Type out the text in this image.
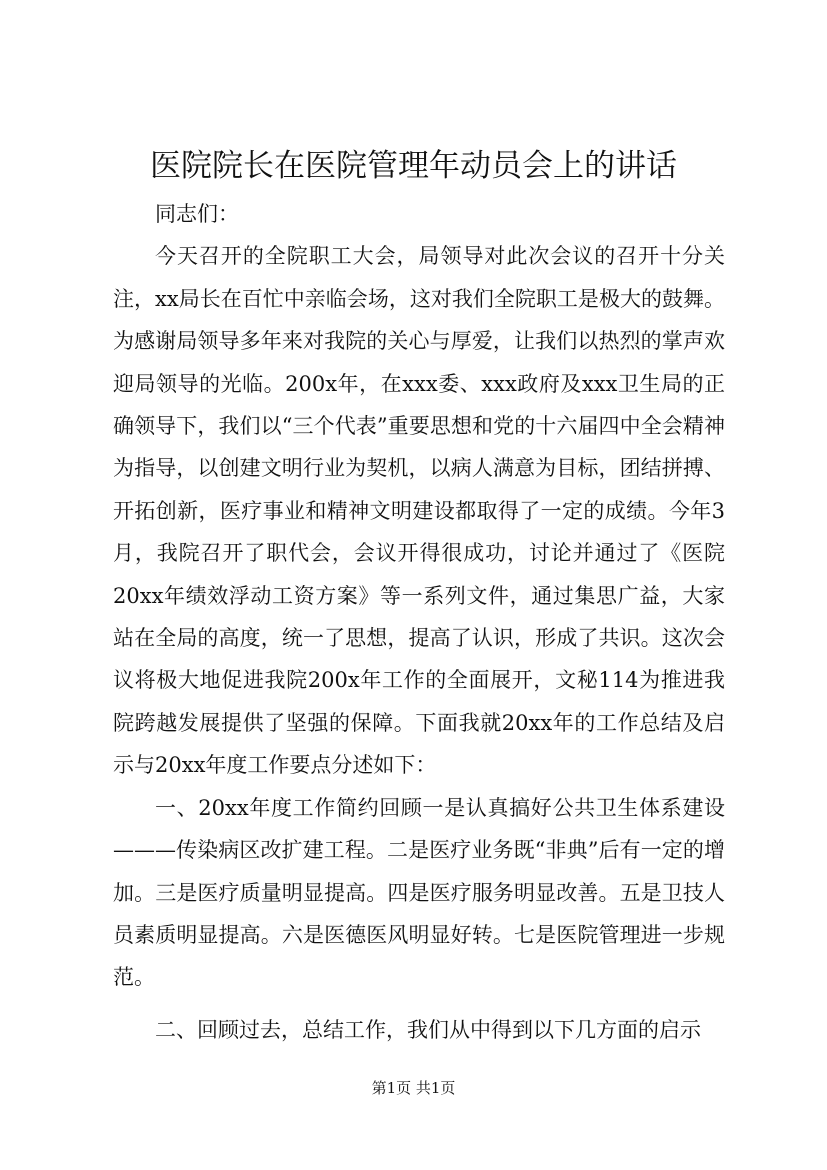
医院院长在医院管理年动员会上的讲话

同志们：

今天召开的全院职工大会，局领导对此次会议的召开十分关注，xx局长在百忙中亲临会场，这对我们全院职工是极大的鼓舞。为感谢局领导多年来对我院的关心与厚爱，让我们以热烈的掌声欢迎局领导的光临。200x年，在xxx委、xxx政府及xxx卫生局的正确领导下，我们以“三个代表”重要思想和党的十六届四中全会精神为指导，以创建文明行业为契机，以病人满意为目标，团结拼搏、开拓创新，医疗事业和精神文明建设都取得了一定的成绩。今年3月，我院召开了职代会，会议开得很成功，讨论并通过了《医院20xx年绩效浮动工资方案》等一系列文件，通过集思广益，大家站在全局的高度，统一了思想，提高了认识，形成了共识。这次会议将极大地促进我院200x年工作的全面展开，文秘114为推进我院跨越发展提供了坚强的保障。下面我就20xx年的工作总结及启示与20xx年度工作要点分述如下：

一、20xx年度工作简约回顾一是认真搞好公共卫生体系建设———传染病区改扩建工程。二是医疗业务既“非典”后有一定的增加。三是医疗质量明显提高。四是医疗服务明显改善。五是卫技人员素质明显提高。六是医德医风明显好转。七是医院管理进一步规范。

二、回顾过去，总结工作，我们从中得到以下几方面的启示

第1页 共1页
